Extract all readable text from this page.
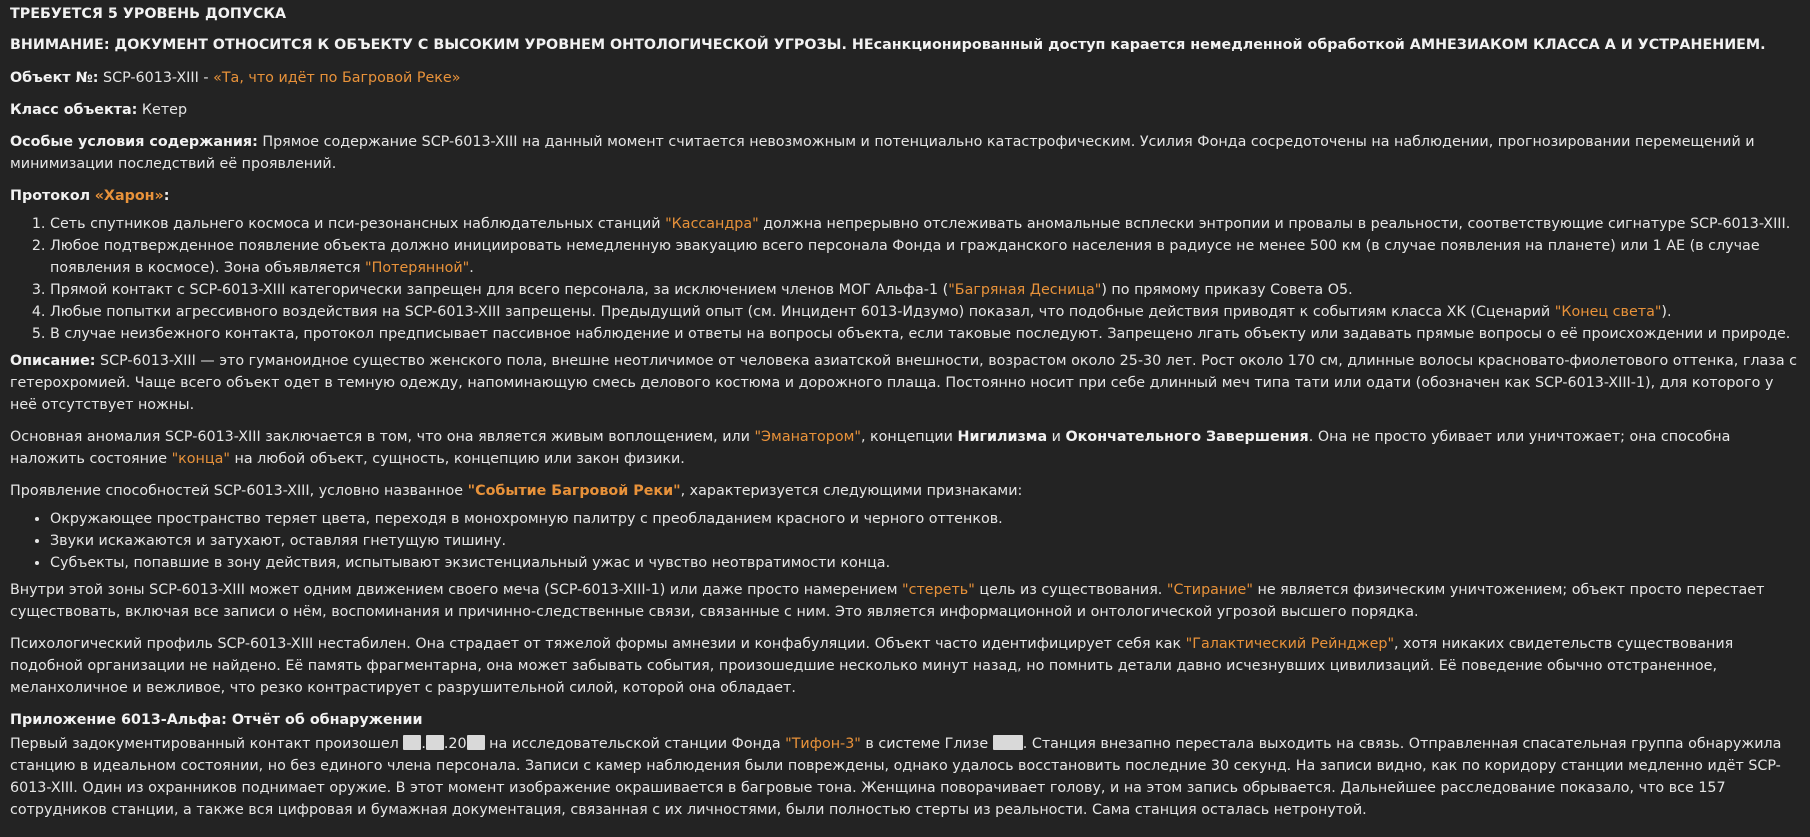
ТРЕБУЕТСЯ 5 УРОВЕНЬ ДОПУСКА

ВНИМАНИЕ: ДОКУМЕНТ ОТНОСИТСЯ К ОБЪЕКТУ С ВЫСОКИМ УРОВНЕМ ОНТОЛОГИЧЕСКОЙ УГРОЗЫ. НЕсанкционированный доступ карается немедленной обработкой АМНЕЗИАКОМ КЛАССА А И УСТРАНЕНИЕМ.

Объект №: SCP-6013-XIII - «Та, что идёт по Багровой Реке»

Класс объекта: Кетер

Особые условия содержания: Прямое содержание SCP-6013-XIII на данный момент считается невозможным и потенциально катастрофическим. Усилия Фонда сосредоточены на наблюдении, прогнозировании перемещений и минимизации последствий её проявлений.

Протокол «Харон»:

1. Сеть спутников дальнего космоса и пси-резонансных наблюдательных станций "Кассандра" должна непрерывно отслеживать аномальные всплески энтропии и провалы в реальности, соответствующие сигнатуре SCP-6013-XIII.
2. Любое подтвержденное появление объекта должно инициировать немедленную эвакуацию всего персонала Фонда и гражданского населения в радиусе не менее 500 км (в случае появления на планете) или 1 АЕ (в случае появления в космосе). Зона объявляется "Потерянной".
3. Прямой контакт с SCP-6013-XIII категорически запрещен для всего персонала, за исключением членов МОГ Альфа-1 ("Багряная Десница") по прямому приказу Совета О5.
4. Любые попытки агрессивного воздействия на SCP-6013-XIII запрещены. Предыдущий опыт (см. Инцидент 6013-Идзумо) показал, что подобные действия приводят к событиям класса XK (Сценарий "Конец света").
5. В случае неизбежного контакта, протокол предписывает пассивное наблюдение и ответы на вопросы объекта, если таковые последуют. Запрещено лгать объекту или задавать прямые вопросы о её происхождении и природе.

Описание: SCP-6013-XIII — это гуманоидное существо женского пола, внешне неотличимое от человека азиатской внешности, возрастом около 25-30 лет. Рост около 170 см, длинные волосы красновато-фиолетового оттенка, глаза с гетерохромией. Чаще всего объект одет в темную одежду, напоминающую смесь делового костюма и дорожного плаща. Постоянно носит при себе длинный меч типа тати или одати (обозначен как SCP-6013-XIII-1), для которого у неё отсутствует ножны.

Основная аномалия SCP-6013-XIII заключается в том, что она является живым воплощением, или "Эманатором", концепции Нигилизма и Окончательного Завершения. Она не просто убивает или уничтожает; она способна наложить состояние "конца" на любой объект, сущность, концепцию или закон физики.

Проявление способностей SCP-6013-XIII, условно названное "Событие Багровой Реки", характеризуется следующими признаками:

• Окружающее пространство теряет цвета, переходя в монохромную палитру с преобладанием красного и черного оттенков.
• Звуки искажаются и затухают, оставляя гнетущую тишину.
• Субъекты, попавшие в зону действия, испытывают экзистенциальный ужас и чувство неотвратимости конца.

Внутри этой зоны SCP-6013-XIII может одним движением своего меча (SCP-6013-XIII-1) или даже просто намерением "стереть" цель из существования. "Стирание" не является физическим уничтожением; объект просто перестает существовать, включая все записи о нём, воспоминания и причинно-следственные связи, связанные с ним. Это является информационной и онтологической угрозой высшего порядка.

Психологический профиль SCP-6013-XIII нестабилен. Она страдает от тяжелой формы амнезии и конфабуляции. Объект часто идентифицирует себя как "Галактический Рейнджер", хотя никаких свидетельств существования подобной организации не найдено. Её память фрагментарна, она может забывать события, произошедшие несколько минут назад, но помнить детали давно исчезнувших цивилизаций. Её поведение обычно отстраненное, меланхоличное и вежливое, что резко контрастирует с разрушительной силой, которой она обладает.

Приложение 6013-Альфа: Отчёт об обнаружении

Первый задокументированный контакт произошел . .20 на исследовательской станции Фонда "Тифон-3" в системе Глизе . Станция внезапно перестала выходить на связь. Отправленная спасательная группа обнаружила станцию в идеальном состоянии, но без единого члена персонала. Записи с камер наблюдения были повреждены, однако удалось восстановить последние 30 секунд. На записи видно, как по коридору станции медленно идёт SCP-6013-XIII. Один из охранников поднимает оружие. В этот момент изображение окрашивается в багровые тона. Женщина поворачивает голову, и на этом запись обрывается. Дальнейшее расследование показало, что все 157 сотрудников станции, а также вся цифровая и бумажная документация, связанная с их личностями, были полностью стерты из реальности. Сама станция осталась нетронутой.
